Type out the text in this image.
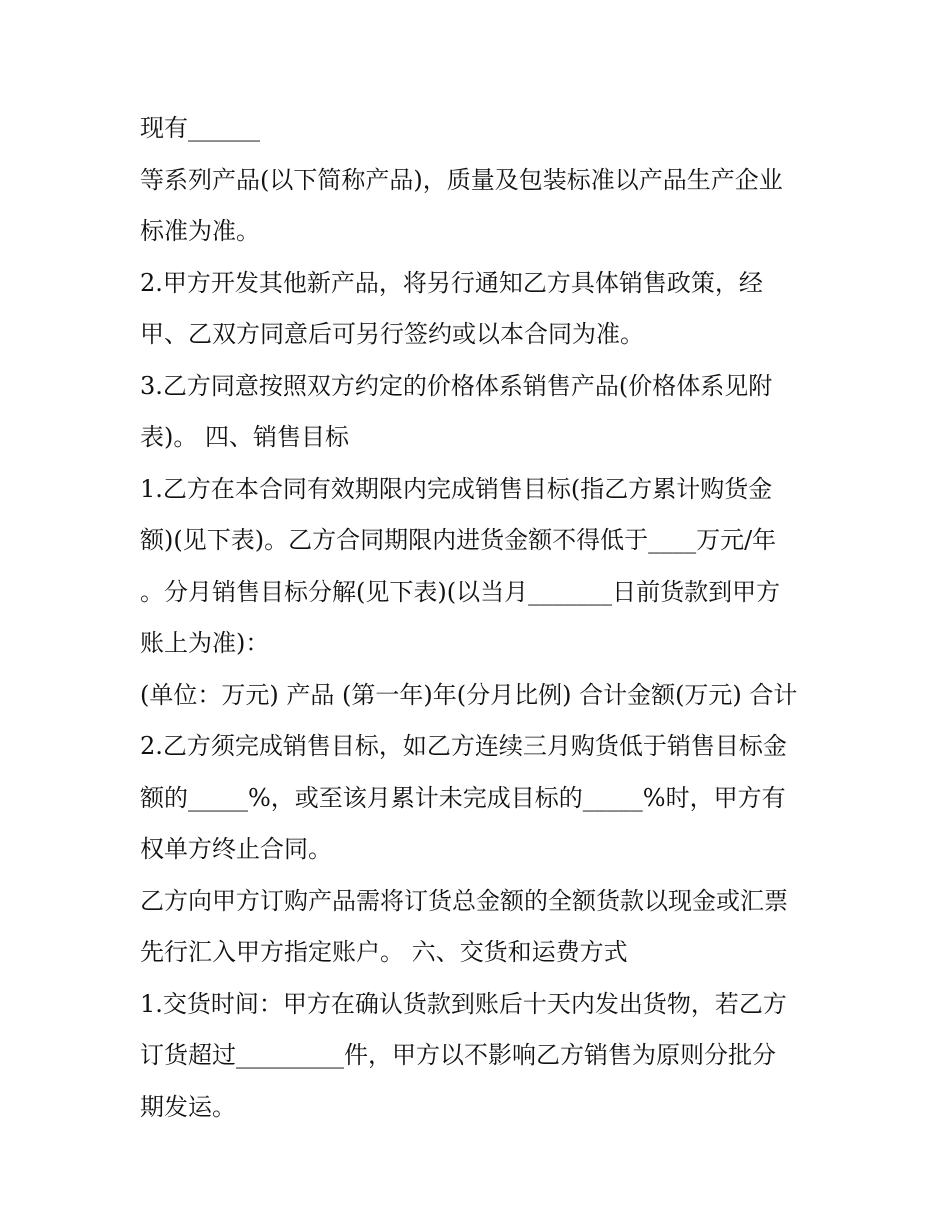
现有______
等系列产品(以下简称产品)，质量及包装标准以产品生产企业
标准为准。
2.甲方开发其他新产品，将另行通知乙方具体销售政策，经
甲、乙双方同意后可另行签约或以本合同为准。
3.乙方同意按照双方约定的价格体系销售产品(价格体系见附
表)。 四、销售目标
1.乙方在本合同有效期限内完成销售目标(指乙方累计购货金
额)(见下表)。乙方合同期限内进货金额不得低于____万元/年
。分月销售目标分解(见下表)(以当月_______日前货款到甲方
账上为准)：
(单位：万元) 产品 (第一年)年(分月比例) 合计金额(万元) 合计
2.乙方须完成销售目标，如乙方连续三月购货低于销售目标金
额的_____%，或至该月累计未完成目标的_____%时，甲方有
权单方终止合同。
乙方向甲方订购产品需将订货总金额的全额货款以现金或汇票
先行汇入甲方指定账户。 六、交货和运费方式
1.交货时间：甲方在确认货款到账后十天内发出货物，若乙方
订货超过_________件，甲方以不影响乙方销售为原则分批分
期发运。
